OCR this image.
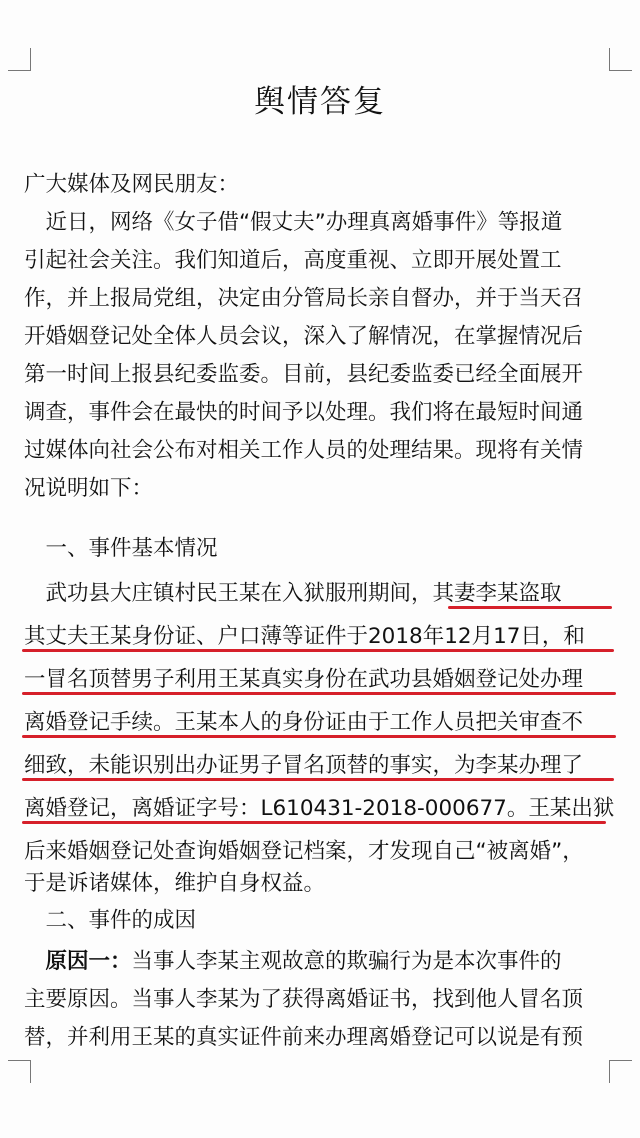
舆情答复
广大媒体及网民朋友：
　近日，网络《女子借“假丈夫”办理真离婚事件》等报道
引起社会关注。我们知道后，高度重视、立即开展处置工
作，并上报局党组，决定由分管局长亲自督办，并于当天召
开婚姻登记处全体人员会议，深入了解情况，在掌握情况后
第一时间上报县纪委监委。目前，县纪委监委已经全面展开
调查，事件会在最快的时间予以处理。我们将在最短时间通
过媒体向社会公布对相关工作人员的处理结果。现将有关情
况说明如下：
　一、事件基本情况
　武功县大庄镇村民王某在入狱服刑期间，其妻李某盗取
其丈夫王某身份证、户口薄等证件于2018年12月17日，和
一冒名顶替男子利用王某真实身份在武功县婚姻登记处办理
离婚登记手续。王某本人的身份证由于工作人员把关审查不
细致，未能识别出办证男子冒名顶替的事实，为李某办理了
离婚登记，离婚证字号：L610431-2018-000677。王某出狱
后来婚姻登记处查询婚姻登记档案，才发现自己“被离婚”，
于是诉诸媒体，维护自身权益。
　二、事件的成因
　原因一：当事人李某主观故意的欺骗行为是本次事件的
主要原因。当事人李某为了获得离婚证书，找到他人冒名顶
替，并利用王某的真实证件前来办理离婚登记可以说是有预
